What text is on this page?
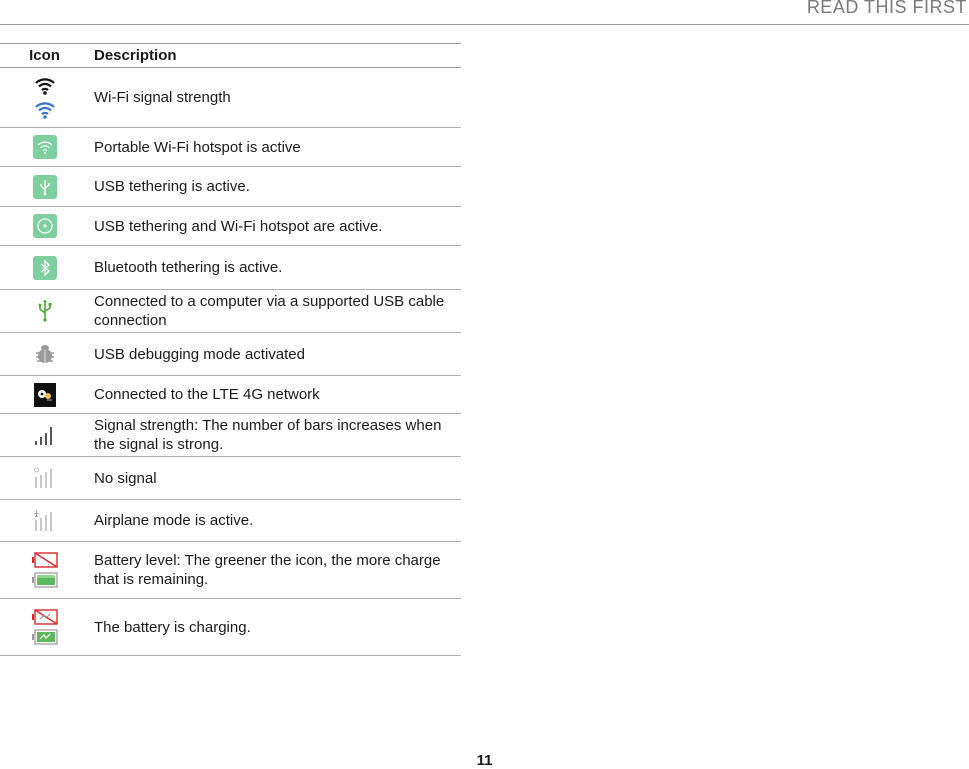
READ THIS FIRST
Icon	Description

	Wi-Fi signal strength

	Portable Wi-Fi hotspot is active

	USB tethering is active.

	USB tethering and Wi-Fi hotspot are active.

	Bluetooth tethering is active.

	Connected to a computer via a supported USB cable connection

	USB debugging mode activated

	Connected to the LTE 4G network

	Signal strength: The number of bars increases when the signal is strong.

	No signal

	Airplane mode is active.

	Battery level: The greener the icon, the more charge that is remaining.

	The battery is charging.
11
